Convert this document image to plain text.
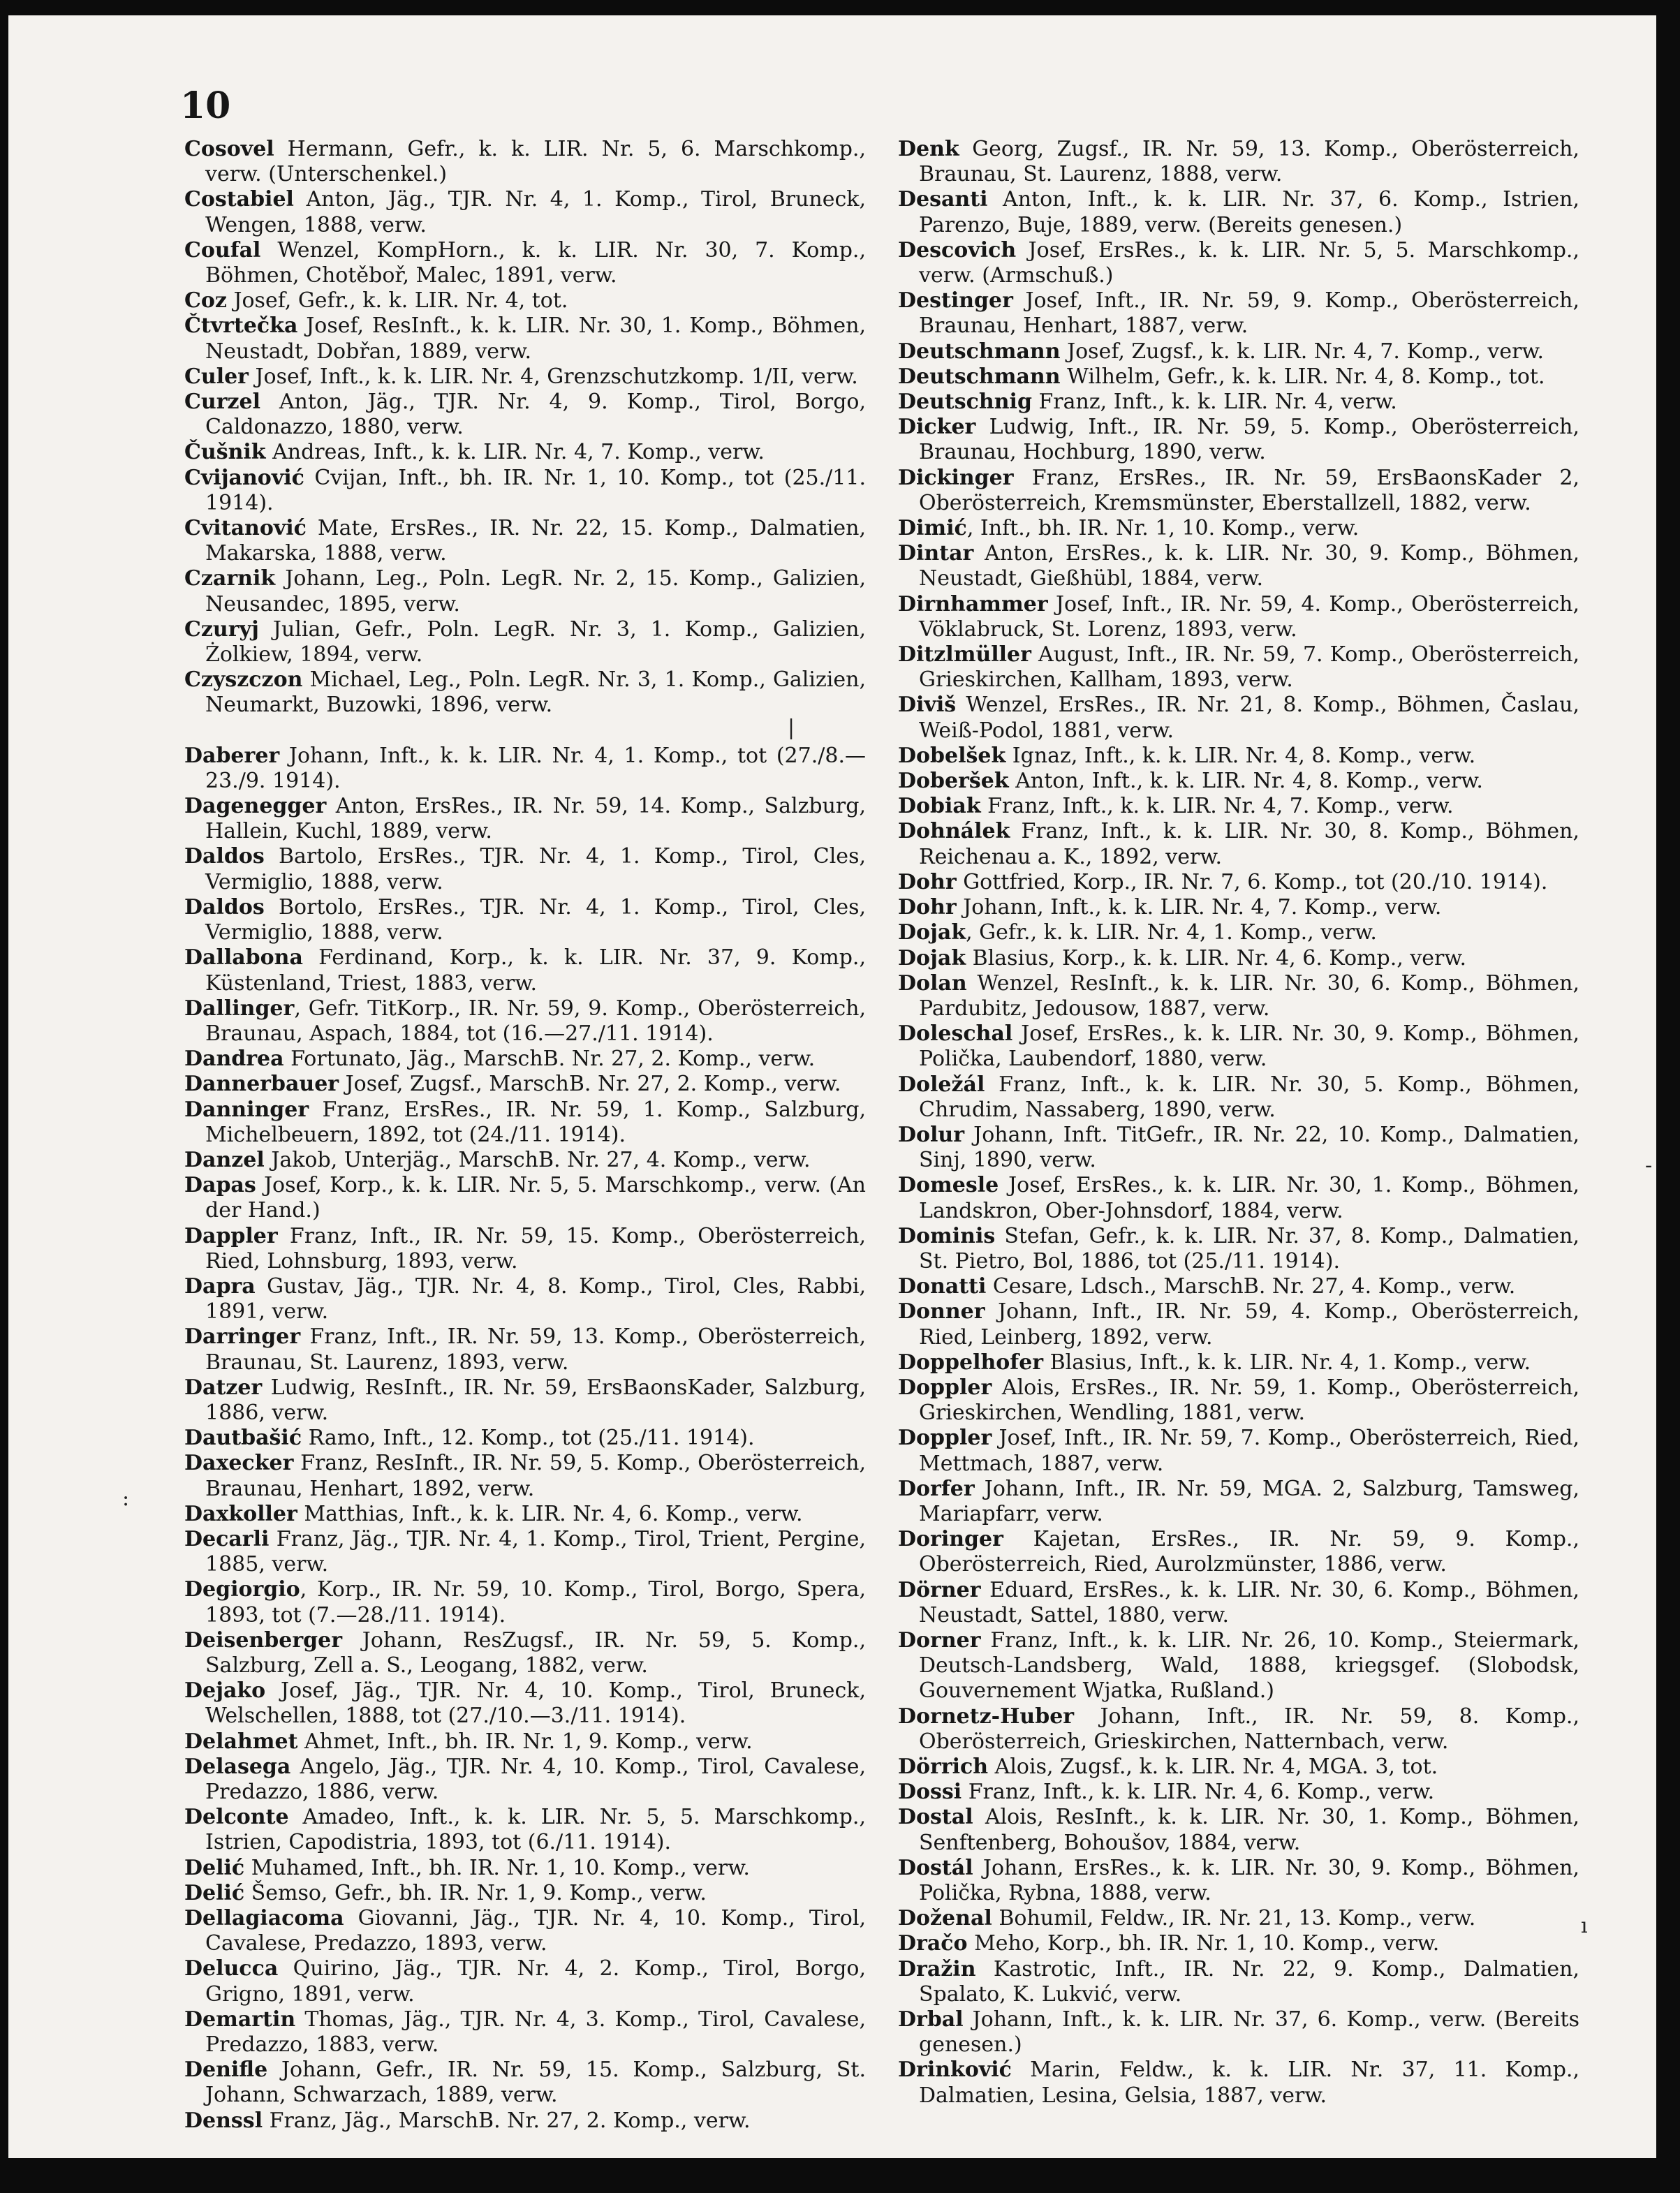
10

Cosovel Hermann, Gefr., k. k. LIR. Nr. 5, 6. Marschkomp., verw. (Unterschenkel.)

Costabiel Anton, Jäg., TJR. Nr. 4, 1. Komp., Tirol, Bruneck, Wengen, 1888, verw.

Coufal Wenzel, KompHorn., k. k. LIR. Nr. 30, 7. Komp., Böhmen, Chotěboř, Malec, 1891, verw.

Coz Josef, Gefr., k. k. LIR. Nr. 4, tot.

Čtvrtečka Josef, ResInft., k. k. LIR. Nr. 30, 1. Komp., Böhmen, Neustadt, Dobřan, 1889, verw.

Culer Josef, Inft., k. k. LIR. Nr. 4, Grenzschutzkomp. 1/II, verw.

Curzel Anton, Jäg., TJR. Nr. 4, 9. Komp., Tirol, Borgo, Caldonazzo, 1880, verw.

Čušnik Andreas, Inft., k. k. LIR. Nr. 4, 7. Komp., verw.

Cvijanović Cvijan, Inft., bh. IR. Nr. 1, 10. Komp., tot (25./11. 1914).

Cvitanović Mate, ErsRes., IR. Nr. 22, 15. Komp., Dalmatien, Makarska, 1888, verw.

Czarnik Johann, Leg., Poln. LegR. Nr. 2, 15. Komp., Galizien, Neusandec, 1895, verw.

Czuryj Julian, Gefr., Poln. LegR. Nr. 3, 1. Komp., Galizien, Żolkiew, 1894, verw.

Czyszczon Michael, Leg., Poln. LegR. Nr. 3, 1. Komp., Galizien, Neumarkt, Buzowki, 1896, verw.

Daberer Johann, Inft., k. k. LIR. Nr. 4, 1. Komp., tot (27./8.—23./9. 1914).

Dagenegger Anton, ErsRes., IR. Nr. 59, 14. Komp., Salzburg, Hallein, Kuchl, 1889, verw.

Daldos Bartolo, ErsRes., TJR. Nr. 4, 1. Komp., Tirol, Cles, Vermiglio, 1888, verw.

Daldos Bortolo, ErsRes., TJR. Nr. 4, 1. Komp., Tirol, Cles, Vermiglio, 1888, verw.

Dallabona Ferdinand, Korp., k. k. LIR. Nr. 37, 9. Komp., Küstenland, Triest, 1883, verw.

Dallinger, Gefr. TitKorp., IR. Nr. 59, 9. Komp., Oberösterreich, Braunau, Aspach, 1884, tot (16.—27./11. 1914).

Dandrea Fortunato, Jäg., MarschB. Nr. 27, 2. Komp., verw.

Dannerbauer Josef, Zugsf., MarschB. Nr. 27, 2. Komp., verw.

Danninger Franz, ErsRes., IR. Nr. 59, 1. Komp., Salzburg, Michelbeuern, 1892, tot (24./11. 1914).

Danzel Jakob, Unterjäg., MarschB. Nr. 27, 4. Komp., verw.

Dapas Josef, Korp., k. k. LIR. Nr. 5, 5. Marschkomp., verw. (An der Hand.)

Dappler Franz, Inft., IR. Nr. 59, 15. Komp., Oberösterreich, Ried, Lohnsburg, 1893, verw.

Dapra Gustav, Jäg., TJR. Nr. 4, 8. Komp., Tirol, Cles, Rabbi, 1891, verw.

Darringer Franz, Inft., IR. Nr. 59, 13. Komp., Oberösterreich, Braunau, St. Laurenz, 1893, verw.

Datzer Ludwig, ResInft., IR. Nr. 59, ErsBaonsKader, Salzburg, 1886, verw.

Dautbašić Ramo, Inft., 12. Komp., tot (25./11. 1914).

Daxecker Franz, ResInft., IR. Nr. 59, 5. Komp., Oberösterreich, Braunau, Henhart, 1892, verw.

Daxkoller Matthias, Inft., k. k. LIR. Nr. 4, 6. Komp., verw.

Decarli Franz, Jäg., TJR. Nr. 4, 1. Komp., Tirol, Trient, Pergine, 1885, verw.

Degiorgio, Korp., IR. Nr. 59, 10. Komp., Tirol, Borgo, Spera, 1893, tot (7.—28./11. 1914).

Deisenberger Johann, ResZugsf., IR. Nr. 59, 5. Komp., Salzburg, Zell a. S., Leogang, 1882, verw.

Dejako Josef, Jäg., TJR. Nr. 4, 10. Komp., Tirol, Bruneck, Welschellen, 1888, tot (27./10.—3./11. 1914).

Delahmet Ahmet, Inft., bh. IR. Nr. 1, 9. Komp., verw.

Delasega Angelo, Jäg., TJR. Nr. 4, 10. Komp., Tirol, Cavalese, Predazzo, 1886, verw.

Delconte Amadeo, Inft., k. k. LIR. Nr. 5, 5. Marschkomp., Istrien, Capodistria, 1893, tot (6./11. 1914).

Delić Muhamed, Inft., bh. IR. Nr. 1, 10. Komp., verw.

Delić Šemso, Gefr., bh. IR. Nr. 1, 9. Komp., verw.

Dellagiacoma Giovanni, Jäg., TJR. Nr. 4, 10. Komp., Tirol, Cavalese, Predazzo, 1893, verw.

Delucca Quirino, Jäg., TJR. Nr. 4, 2. Komp., Tirol, Borgo, Grigno, 1891, verw.

Demartin Thomas, Jäg., TJR. Nr. 4, 3. Komp., Tirol, Cavalese, Predazzo, 1883, verw.

Denifle Johann, Gefr., IR. Nr. 59, 15. Komp., Salzburg, St. Johann, Schwarzach, 1889, verw.

Denssl Franz, Jäg., MarschB. Nr. 27, 2. Komp., verw.

Denk Georg, Zugsf., IR. Nr. 59, 13. Komp., Oberösterreich, Braunau, St. Laurenz, 1888, verw.

Desanti Anton, Inft., k. k. LIR. Nr. 37, 6. Komp., Istrien, Parenzo, Buje, 1889, verw. (Bereits genesen.)

Descovich Josef, ErsRes., k. k. LIR. Nr. 5, 5. Marschkomp., verw. (Armschuß.)

Destinger Josef, Inft., IR. Nr. 59, 9. Komp., Oberösterreich, Braunau, Henhart, 1887, verw.

Deutschmann Josef, Zugsf., k. k. LIR. Nr. 4, 7. Komp., verw.

Deutschmann Wilhelm, Gefr., k. k. LIR. Nr. 4, 8. Komp., tot.

Deutschnig Franz, Inft., k. k. LIR. Nr. 4, verw.

Dicker Ludwig, Inft., IR. Nr. 59, 5. Komp., Oberösterreich, Braunau, Hochburg, 1890, verw.

Dickinger Franz, ErsRes., IR. Nr. 59, ErsBaonsKader 2, Oberösterreich, Kremsmünster, Eberstallzell, 1882, verw.

Dimić, Inft., bh. IR. Nr. 1, 10. Komp., verw.

Dintar Anton, ErsRes., k. k. LIR. Nr. 30, 9. Komp., Böhmen, Neustadt, Gießhübl, 1884, verw.

Dirnhammer Josef, Inft., IR. Nr. 59, 4. Komp., Oberösterreich, Vöklabruck, St. Lorenz, 1893, verw.

Ditzlmüller August, Inft., IR. Nr. 59, 7. Komp., Oberösterreich, Grieskirchen, Kallham, 1893, verw.

Diviš Wenzel, ErsRes., IR. Nr. 21, 8. Komp., Böhmen, Časlau, Weiß-Podol, 1881, verw.

Dobelšek Ignaz, Inft., k. k. LIR. Nr. 4, 8. Komp., verw.

Doberšek Anton, Inft., k. k. LIR. Nr. 4, 8. Komp., verw.

Dobiak Franz, Inft., k. k. LIR. Nr. 4, 7. Komp., verw.

Dohnálek Franz, Inft., k. k. LIR. Nr. 30, 8. Komp., Böhmen, Reichenau a. K., 1892, verw.

Dohr Gottfried, Korp., IR. Nr. 7, 6. Komp., tot (20./10. 1914).

Dohr Johann, Inft., k. k. LIR. Nr. 4, 7. Komp., verw.

Dojak, Gefr., k. k. LIR. Nr. 4, 1. Komp., verw.

Dojak Blasius, Korp., k. k. LIR. Nr. 4, 6. Komp., verw.

Dolan Wenzel, ResInft., k. k. LIR. Nr. 30, 6. Komp., Böhmen, Pardubitz, Jedousow, 1887, verw.

Doleschal Josef, ErsRes., k. k. LIR. Nr. 30, 9. Komp., Böhmen, Polička, Laubendorf, 1880, verw.

Doležál Franz, Inft., k. k. LIR. Nr. 30, 5. Komp., Böhmen, Chrudim, Nassaberg, 1890, verw.

Dolur Johann, Inft. TitGefr., IR. Nr. 22, 10. Komp., Dalmatien, Sinj, 1890, verw.

Domesle Josef, ErsRes., k. k. LIR. Nr. 30, 1. Komp., Böhmen, Landskron, Ober-Johnsdorf, 1884, verw.

Dominis Stefan, Gefr., k. k. LIR. Nr. 37, 8. Komp., Dalmatien, St. Pietro, Bol, 1886, tot (25./11. 1914).

Donatti Cesare, Ldsch., MarschB. Nr. 27, 4. Komp., verw.

Donner Johann, Inft., IR. Nr. 59, 4. Komp., Oberösterreich, Ried, Leinberg, 1892, verw.

Doppelhofer Blasius, Inft., k. k. LIR. Nr. 4, 1. Komp., verw.

Doppler Alois, ErsRes., IR. Nr. 59, 1. Komp., Oberösterreich, Grieskirchen, Wendling, 1881, verw.

Doppler Josef, Inft., IR. Nr. 59, 7. Komp., Oberösterreich, Ried, Mettmach, 1887, verw.

Dorfer Johann, Inft., IR. Nr. 59, MGA. 2, Salzburg, Tamsweg, Mariapfarr, verw.

Doringer Kajetan, ErsRes., IR. Nr. 59, 9. Komp., Oberösterreich, Ried, Aurolzmünster, 1886, verw.

Dörner Eduard, ErsRes., k. k. LIR. Nr. 30, 6. Komp., Böhmen, Neustadt, Sattel, 1880, verw.

Dorner Franz, Inft., k. k. LIR. Nr. 26, 10. Komp., Steiermark, Deutsch-Landsberg, Wald, 1888, kriegsgef. (Slobodsk, Gouvernement Wjatka, Rußland.)

Dornetz-Huber Johann, Inft., IR. Nr. 59, 8. Komp., Oberösterreich, Grieskirchen, Natternbach, verw.

Dörrich Alois, Zugsf., k. k. LIR. Nr. 4, MGA. 3, tot.

Dossi Franz, Inft., k. k. LIR. Nr. 4, 6. Komp., verw.

Dostal Alois, ResInft., k. k. LIR. Nr. 30, 1. Komp., Böhmen, Senftenberg, Bohoušov, 1884, verw.

Dostál Johann, ErsRes., k. k. LIR. Nr. 30, 9. Komp., Böhmen, Polička, Rybna, 1888, verw.

Doženal Bohumil, Feldw., IR. Nr. 21, 13. Komp., verw.

Dračo Meho, Korp., bh. IR. Nr. 1, 10. Komp., verw.

Dražin Kastrotic, Inft., IR. Nr. 22, 9. Komp., Dalmatien, Spalato, K. Lukvić, verw.

Drbal Johann, Inft., k. k. LIR. Nr. 37, 6. Komp., verw. (Bereits genesen.)

Drinković Marin, Feldw., k. k. LIR. Nr. 37, 11. Komp., Dalmatien, Lesina, Gelsia, 1887, verw.

|
-
ı
:
